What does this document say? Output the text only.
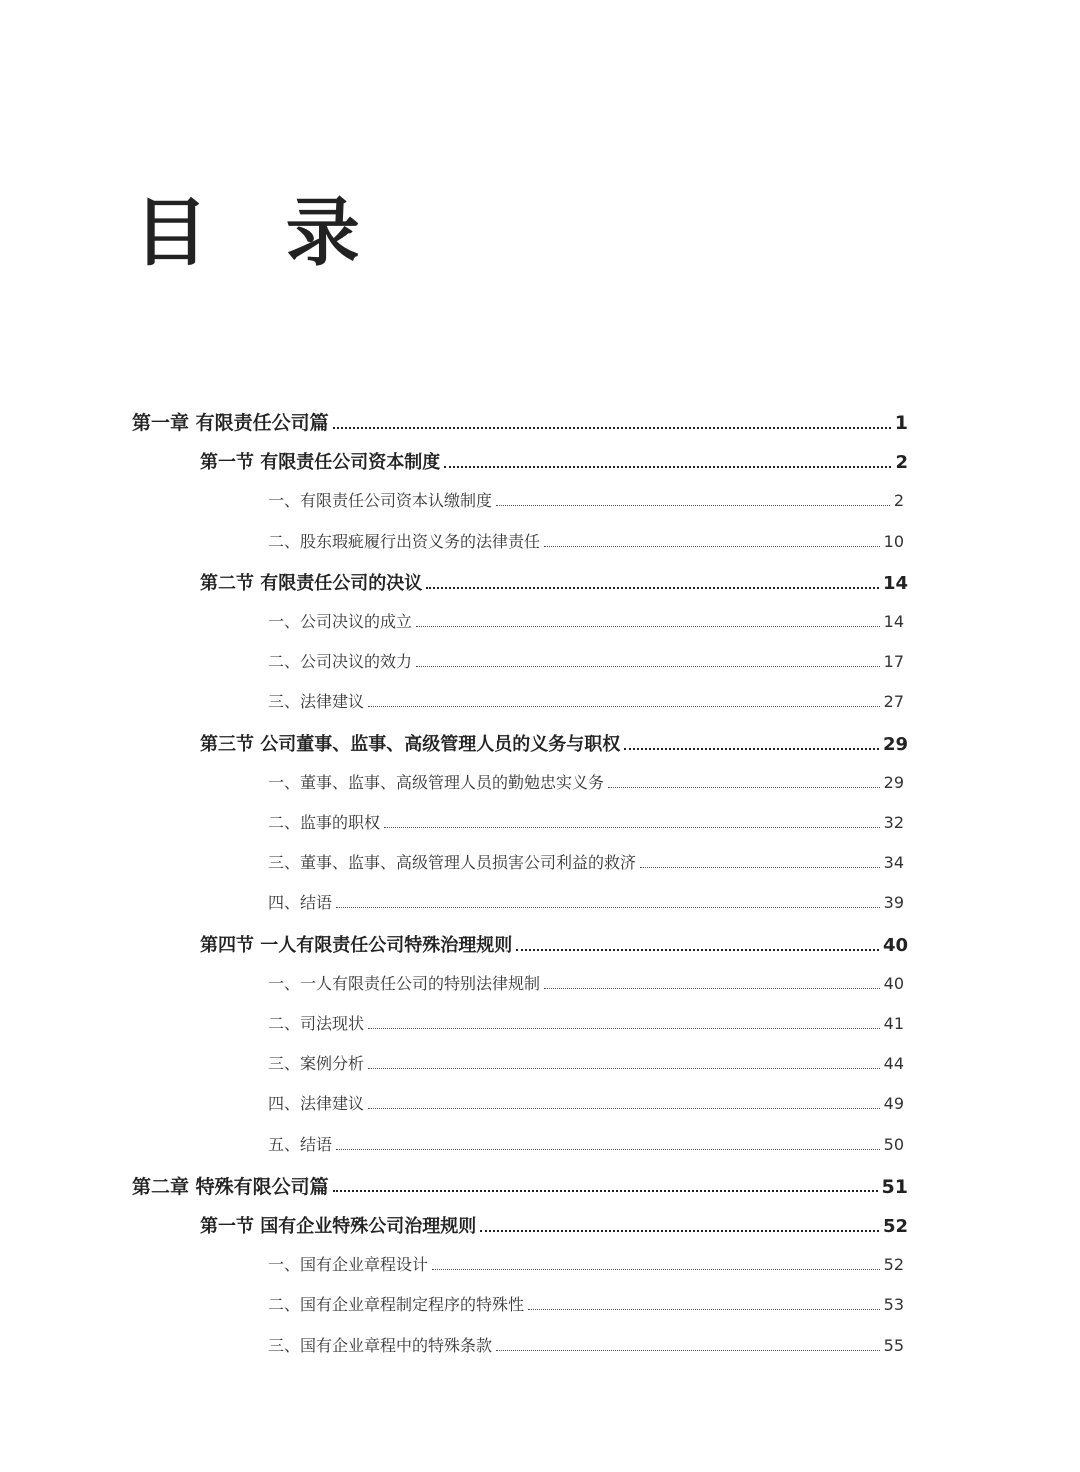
目 录
第一章 有限责任公司篇	1
第一节 有限责任公司资本制度	2
一、有限责任公司资本认缴制度	2
二、股东瑕疵履行出资义务的法律责任	10
第二节 有限责任公司的决议	14
一、公司决议的成立	14
二、公司决议的效力	17
三、法律建议	27
第三节 公司董事、监事、高级管理人员的义务与职权	29
一、董事、监事、高级管理人员的勤勉忠实义务	29
二、监事的职权	32
三、董事、监事、高级管理人员损害公司利益的救济	34
四、结语	39
第四节 一人有限责任公司特殊治理规则	40
一、一人有限责任公司的特别法律规制	40
二、司法现状	41
三、案例分析	44
四、法律建议	49
五、结语	50
第二章 特殊有限公司篇	51
第一节 国有企业特殊公司治理规则	52
一、国有企业章程设计	52
二、国有企业章程制定程序的特殊性	53
三、国有企业章程中的特殊条款	55
